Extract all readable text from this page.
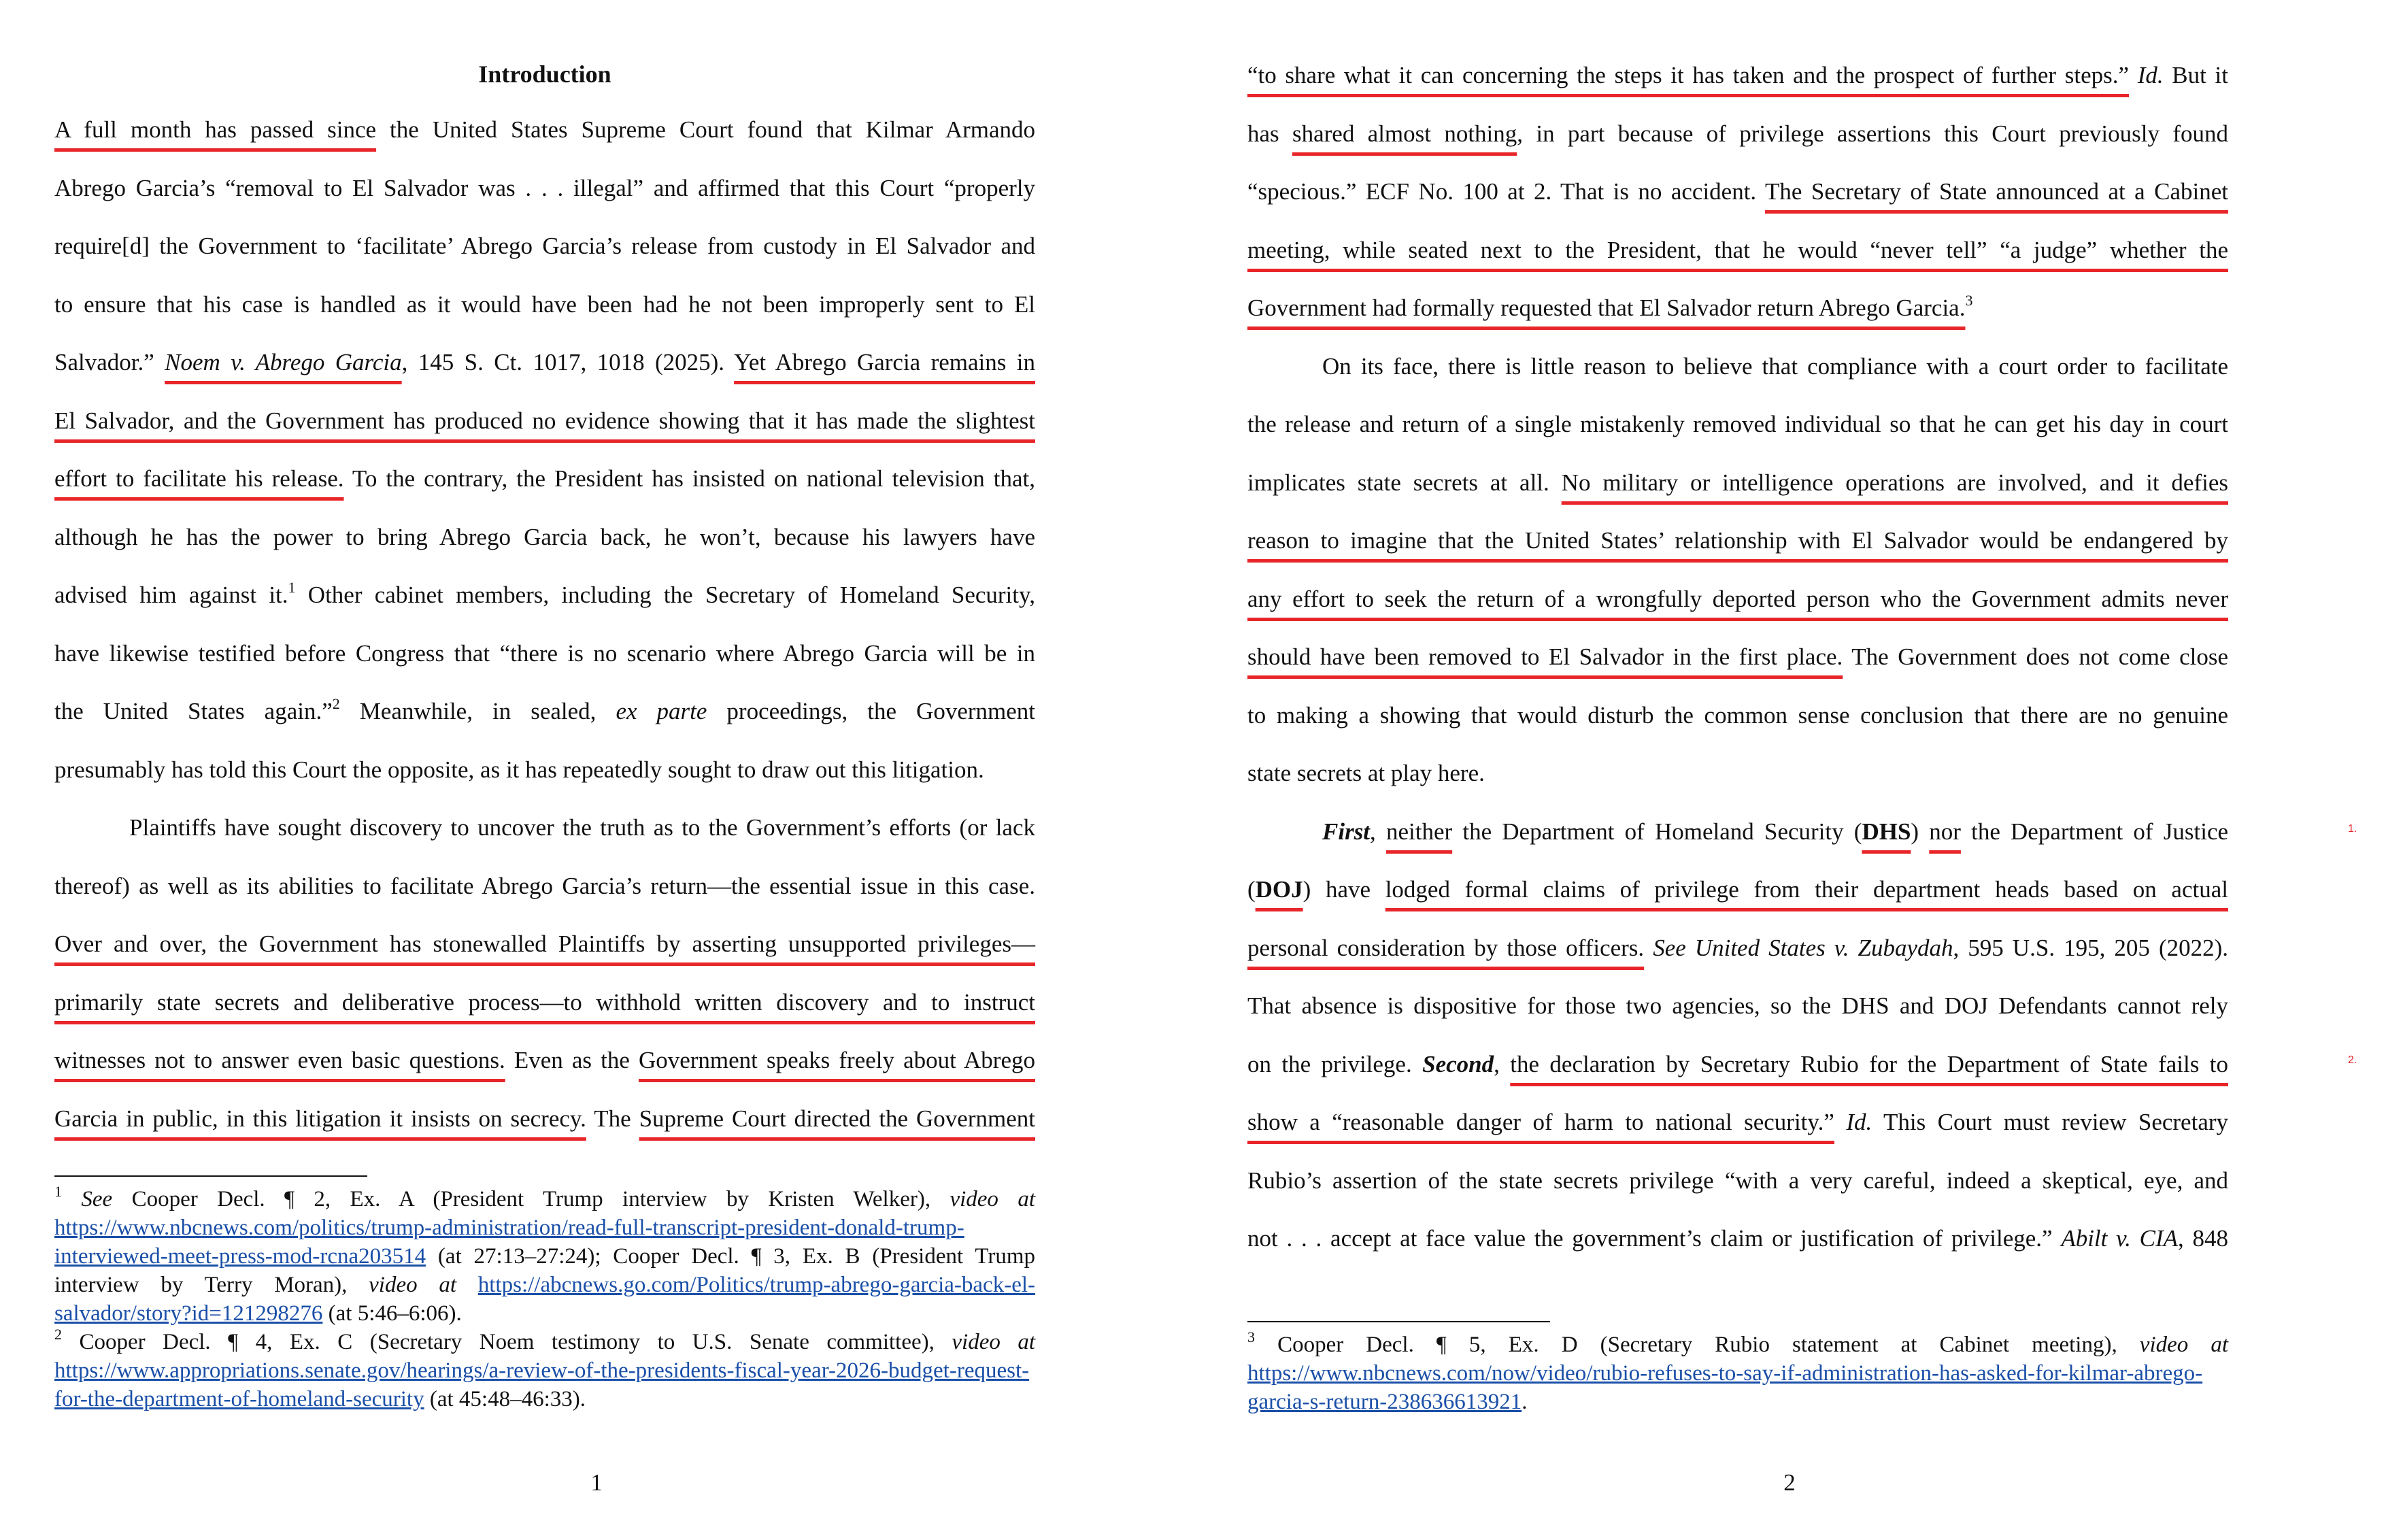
Introduction
A full month has passed since the United States Supreme Court found that Kilmar Armando
Abrego Garcia’s “removal to El Salvador was . . . illegal” and affirmed that this Court “properly
require[d] the Government to ‘facilitate’ Abrego Garcia’s release from custody in El Salvador and
to ensure that his case is handled as it would have been had he not been improperly sent to El
Salvador.” Noem v. Abrego Garcia, 145 S. Ct. 1017, 1018 (2025). Yet Abrego Garcia remains in
El Salvador, and the Government has produced no evidence showing that it has made the slightest
effort to facilitate his release. To the contrary, the President has insisted on national television that,
although he has the power to bring Abrego Garcia back, he won’t, because his lawyers have
advised him against it.$^1$ Other cabinet members, including the Secretary of Homeland Security,
have likewise testified before Congress that “there is no scenario where Abrego Garcia will be in
the United States again.”$^2$ Meanwhile, in sealed, ex parte proceedings, the Government
presumably has told this Court the opposite, as it has repeatedly sought to draw out this litigation.
Plaintiffs have sought discovery to uncover the truth as to the Government’s efforts (or lack
thereof) as well as its abilities to facilitate Abrego Garcia’s return—the essential issue in this case.
Over and over, the Government has stonewalled Plaintiffs by asserting unsupported privileges—
primarily state secrets and deliberative process—to withhold written discovery and to instruct
witnesses not to answer even basic questions. Even as the Government speaks freely about Abrego
Garcia in public, in this litigation it insists on secrecy. The Supreme Court directed the Government
$^1$ See Cooper Decl. ¶ 2, Ex. A (President Trump interview by Kristen Welker), video at https://www.nbcnews.com/politics/trump-administration/read-full-transcript-president-donald-trump-interviewed-meet-press-mod-rcna203514 (at 27:13–27:24); Cooper Decl. ¶ 3, Ex. B (President Trump interview by Terry Moran), video at https://abcnews.go.com/Politics/trump-abrego-garcia-back-el-salvador/story?id=121298276 (at 5:46–6:06).
$^2$ Cooper Decl. ¶ 4, Ex. C (Secretary Noem testimony to U.S. Senate committee), video at https://www.appropriations.senate.gov/hearings/a-review-of-the-presidents-fiscal-year-2026-budget-request-for-the-department-of-homeland-security (at 45:48–46:33).
1
“to share what it can concerning the steps it has taken and the prospect of further steps.” Id. But it
has shared almost nothing, in part because of privilege assertions this Court previously found
“specious.” ECF No. 100 at 2. That is no accident. The Secretary of State announced at a Cabinet
meeting, while seated next to the President, that he would “never tell” “a judge” whether the
Government had formally requested that El Salvador return Abrego Garcia.$^3$
On its face, there is little reason to believe that compliance with a court order to facilitate
the release and return of a single mistakenly removed individual so that he can get his day in court
implicates state secrets at all. No military or intelligence operations are involved, and it defies
reason to imagine that the United States’ relationship with El Salvador would be endangered by
any effort to seek the return of a wrongfully deported person who the Government admits never
should have been removed to El Salvador in the first place. The Government does not come close
to making a showing that would disturb the common sense conclusion that there are no genuine
state secrets at play here.
First, neither the Department of Homeland Security (DHS) nor the Department of Justice
(DOJ) have lodged formal claims of privilege from their department heads based on actual
personal consideration by those officers. See United States v. Zubaydah, 595 U.S. 195, 205 (2022).
That absence is dispositive for those two agencies, so the DHS and DOJ Defendants cannot rely
on the privilege. Second, the declaration by Secretary Rubio for the Department of State fails to
show a “reasonable danger of harm to national security.” Id. This Court must review Secretary
Rubio’s assertion of the state secrets privilege “with a very careful, indeed a skeptical, eye, and
not . . . accept at face value the government’s claim or justification of privilege.” Abilt v. CIA, 848
1.
2.
$^3$ Cooper Decl. ¶ 5, Ex. D (Secretary Rubio statement at Cabinet meeting), video at https://www.nbcnews.com/now/video/rubio-refuses-to-say-if-administration-has-asked-for-kilmar-abrego-garcia-s-return-238636613921.
2
